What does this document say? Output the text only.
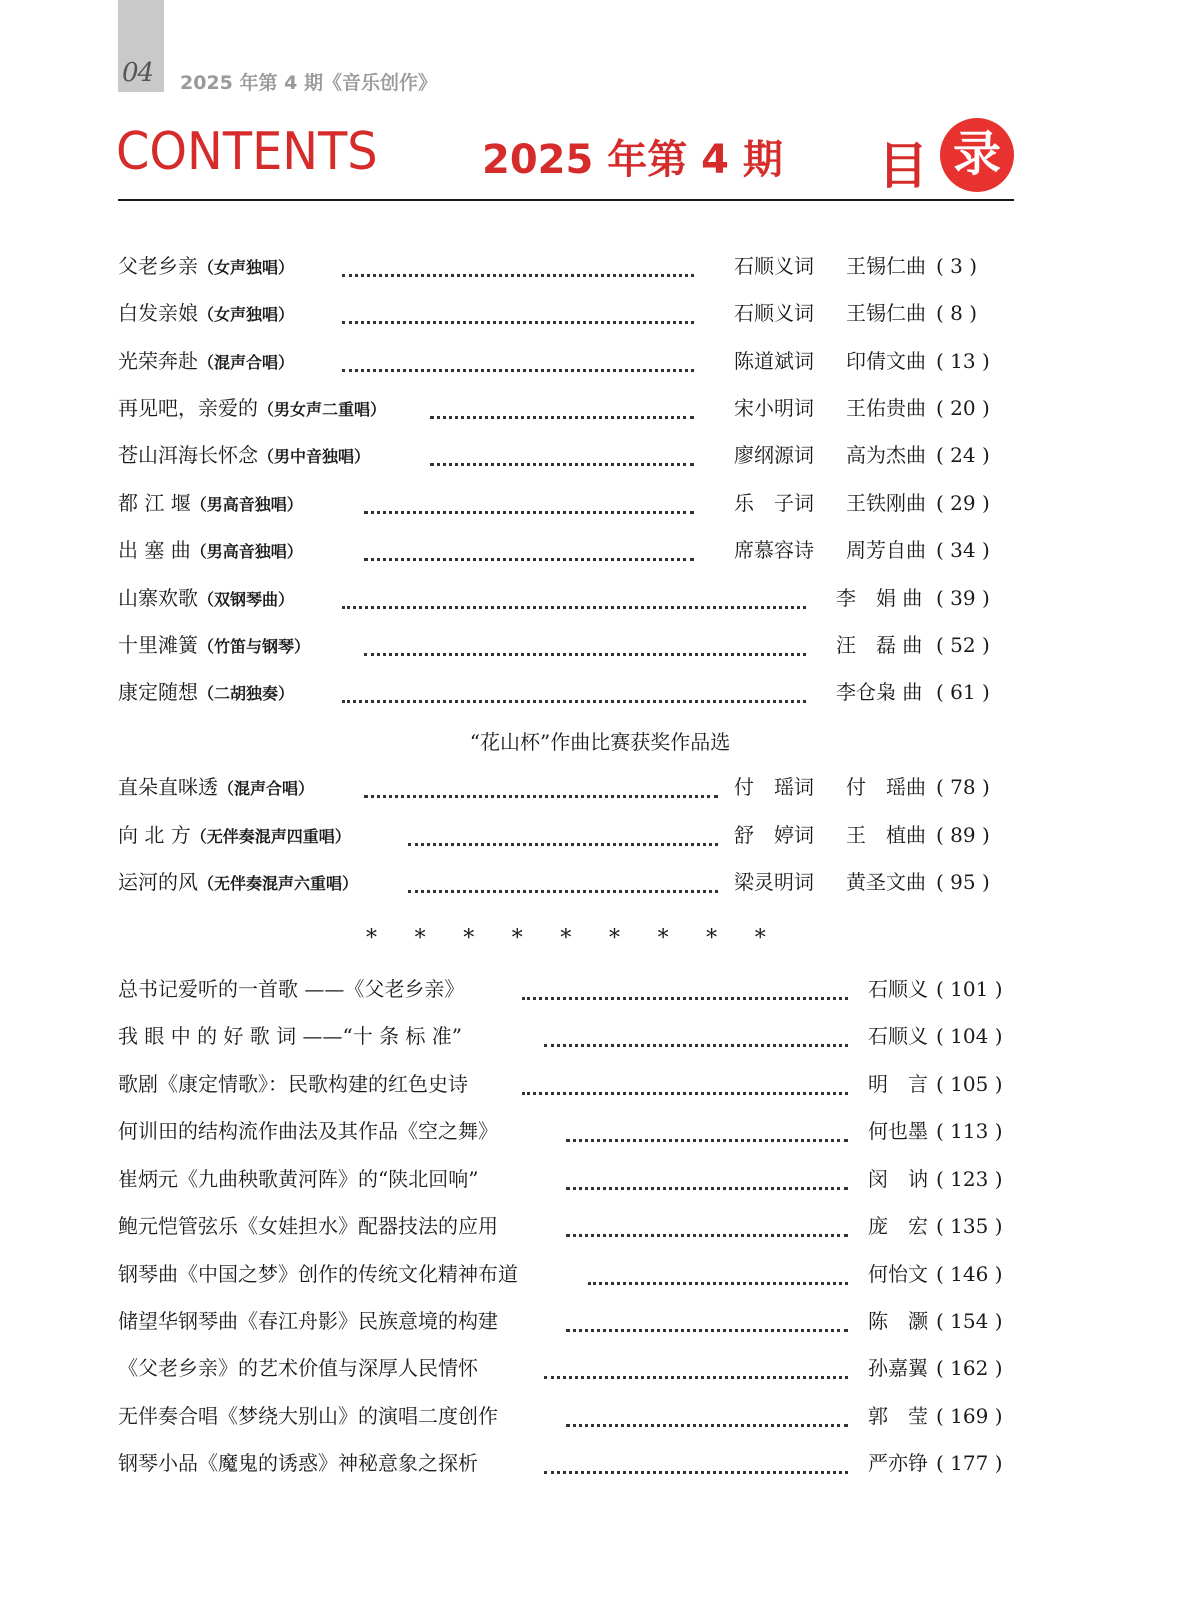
04 2025 年第 4 期《音乐创作》
CONTENTS	2025 年第 4 期 目 录
父老乡亲（女声独唱）	石顺义词 王锡仁曲 ( 3 )
白发亲娘（女声独唱）	石顺义词 王锡仁曲 ( 8 )
光荣奔赴（混声合唱）	陈道斌词 印倩文曲 ( 13 )
再见吧，亲爱的（男女声二重唱）	宋小明词 王佑贵曲 ( 20 )
苍山洱海长怀念（男中音独唱）	廖纲源词 高为杰曲 ( 24 )
都 江 堰（男高音独唱）	乐　子词 王铁刚曲 ( 29 )
出 塞 曲（男高音独唱）	席慕容诗 周芳自曲 ( 34 )
山寨欢歌（双钢琴曲）	李　娟 曲 ( 39 )
十里滩簧（竹笛与钢琴）	汪　磊 曲 ( 52 )
康定随想（二胡独奏）	李仓枭 曲 ( 61 )
“花山杯”作曲比赛获奖作品选
直朵直咪透（混声合唱）	付　瑶词 付　瑶曲 ( 78 )
向 北 方（无伴奏混声四重唱）	舒　婷词 王　植曲 ( 89 )
运河的风（无伴奏混声六重唱）	梁灵明词 黄圣文曲 ( 95 )
* * * * * * * * *
总书记爱听的一首歌 ——《父老乡亲》	石顺义 ( 101 )
我 眼 中 的 好 歌 词 ——“十 条 标 准”	石顺义 ( 104 )
歌剧《康定情歌》：民歌构建的红色史诗	明　言 ( 105 )
何训田的结构流作曲法及其作品《空之舞》	何也墨 ( 113 )
崔炳元《九曲秧歌黄河阵》的“陕北回响”	闵　讷 ( 123 )
鲍元恺管弦乐《女娃担水》配器技法的应用	庞　宏 ( 135 )
钢琴曲《中国之梦》创作的传统文化精神布道	何怡文 ( 146 )
储望华钢琴曲《春江舟影》民族意境的构建	陈　灏 ( 154 )
《父老乡亲》的艺术价值与深厚人民情怀	孙嘉翼 ( 162 )
无伴奏合唱《梦绕大别山》的演唱二度创作	郭　莹 ( 169 )
钢琴小品《魔鬼的诱惑》神秘意象之探析	严亦铮 ( 177 )
